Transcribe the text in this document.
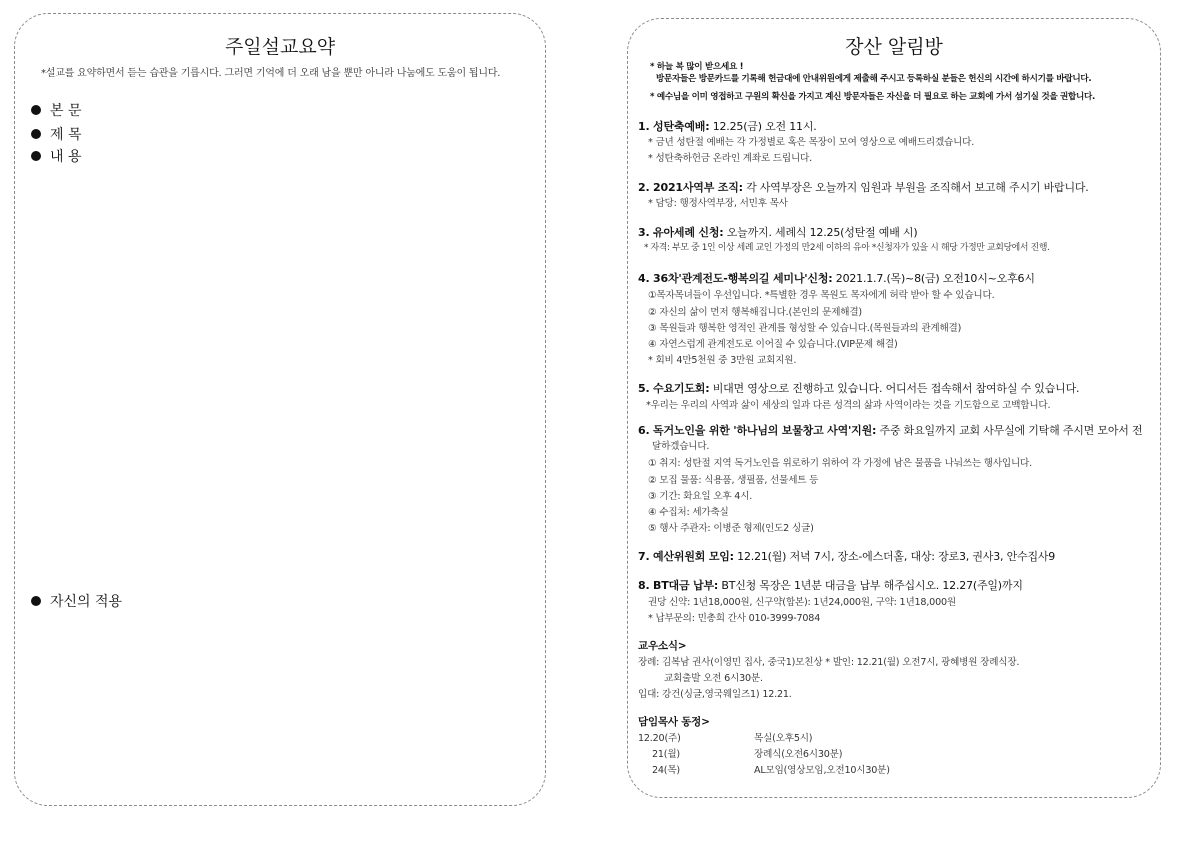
주일설교요약
*설교를 요약하면서 듣는 습관을 기릅시다. 그러면 기억에 더 오래 남을 뿐만 아니라 나눔에도 도움이 됩니다.
본 문
제 목
내 용
자신의 적용
장산 알림방
* 하늘 복 많이 받으세요 !
방문자들은 방문카드를 기록해 헌금대에 안내위원에게 제출해 주시고 등록하실 분들은 헌신의 시간에 하시기를 바랍니다.
* 예수님을 이미 영접하고 구원의 확신을 가지고 계신 방문자들은 자신을 더 필요로 하는 교회에 가서 섬기실 것을 권합니다.
1. 성탄축예배: 12.25(금) 오전 11시.
* 금년 성탄절 예배는 각 가정별로 혹은 목장이 모여 영상으로 예배드리겠습니다.
* 성탄축하헌금 온라인 계좌로 드립니다.
2. 2021사역부 조직: 각 사역부장은 오늘까지 임원과 부원을 조직해서 보고해 주시기 바랍니다.
* 담당: 행정사역부장, 서민후 목사
3. 유아세례 신청: 오늘까지. 세례식 12.25(성탄절 예배 시)
* 자격: 부모 중 1인 이상 세례 교인 가정의 만2세 이하의 유아 *신청자가 있을 시 해당 가정만 교회당에서 진행.
4. 36차'관계전도-행복의길 세미나'신청: 2021.1.7.(목)~8(금) 오전10시~오후6시
①목자목녀들이 우선입니다. *특별한 경우 목원도 목자에게 허락 받아 할 수 있습니다.
② 자신의 삶이 먼저 행복해집니다.(본인의 문제해결)
③ 목원들과 행복한 영적인 관계를 형성할 수 있습니다.(목원들과의 관계해결)
④ 자연스럽게 관계전도로 이어질 수 있습니다.(VIP문제 해결)
* 회비 4만5천원 중 3만원 교회지원.
5. 수요기도회: 비대면 영상으로 진행하고 있습니다. 어디서든 접속해서 참여하실 수 있습니다.
*우리는 우리의 사역과 삶이 세상의 일과 다른 성격의 삶과 사역이라는 것을 기도함으로 고백합니다.
6. 독거노인을 위한 '하나님의 보물창고 사역'지원: 주중 화요일까지 교회 사무실에 기탁해 주시면 모아서 전
달하겠습니다.
① 취지: 성탄절 지역 독거노인을 위로하기 위하여 각 가정에 남은 물품을 나눠쓰는 행사입니다.
② 모집 물품: 식용품, 생필품, 선물세트 등
③ 기간: 화요일 오후 4시.
④ 수집처: 세가축실
⑤ 행사 주관자: 이병준 형제(인도2 싱글)
7. 예산위원회 모임: 12.21(월) 저녁 7시, 장소-에스더홀, 대상: 장로3, 권사3, 안수집사9
8. BT대금 납부: BT신청 목장은 1년분 대금을 납부 해주십시오. 12.27(주일)까지
권당 신약: 1년18,000원, 신구약(합본): 1년24,000원, 구약: 1년18,000원
* 납부문의: 민총희 간사 010-3999-7084
교우소식>
장례: 김복남 권사(이영민 집사, 중국1)모친상 * 발인: 12.21(월) 오전7시, 광혜병원 장례식장.
교회출발 오전 6시30분.
입대: 강건(싱글,영국웨일즈1) 12.21.
담임목사 동정>
12.20(주)	목실(오후5시)
21(월)	장례식(오전6시30분)
24(목)	AL모임(영상모임,오전10시30분)
